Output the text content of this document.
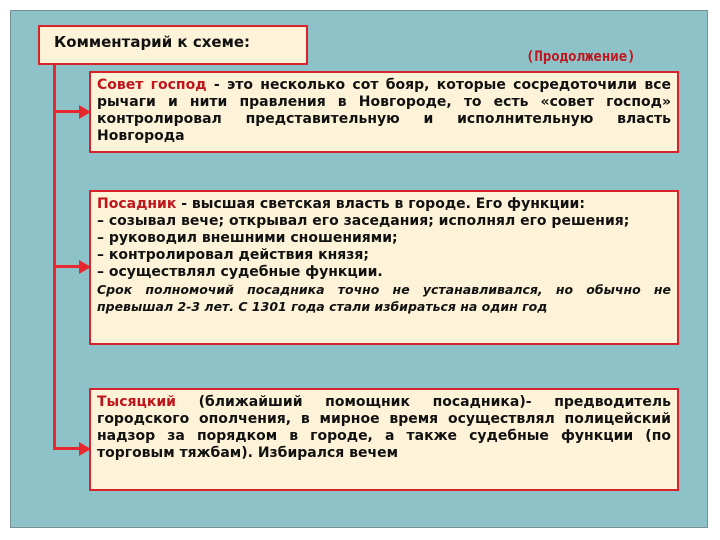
Комментарий к схеме:
(Продолжение)
Совет господ - это несколько сот бояр, которые сосредоточили все рычаги и нити правления в Новгороде, то есть «совет господ» контролировал представительную и исполнительную власть Новгорода
Посадник - высшая светская власть в городе. Его функции:
– созывал вече; открывал его заседания; исполнял его решения;
– руководил внешними сношениями;
– контролировал действия князя;
– осуществлял судебные функции.
Срок полномочий посадника точно не устанавливался, но обычно не превышал 2-3 лет. С 1301 года стали избираться на один год
Тысяцкий (ближайший помощник посадника)- предводитель городского ополчения, в мирное время осуществлял полицейский надзор за порядком в городе, а также судебные функции (по торговым тяжбам). Избирался вечем
